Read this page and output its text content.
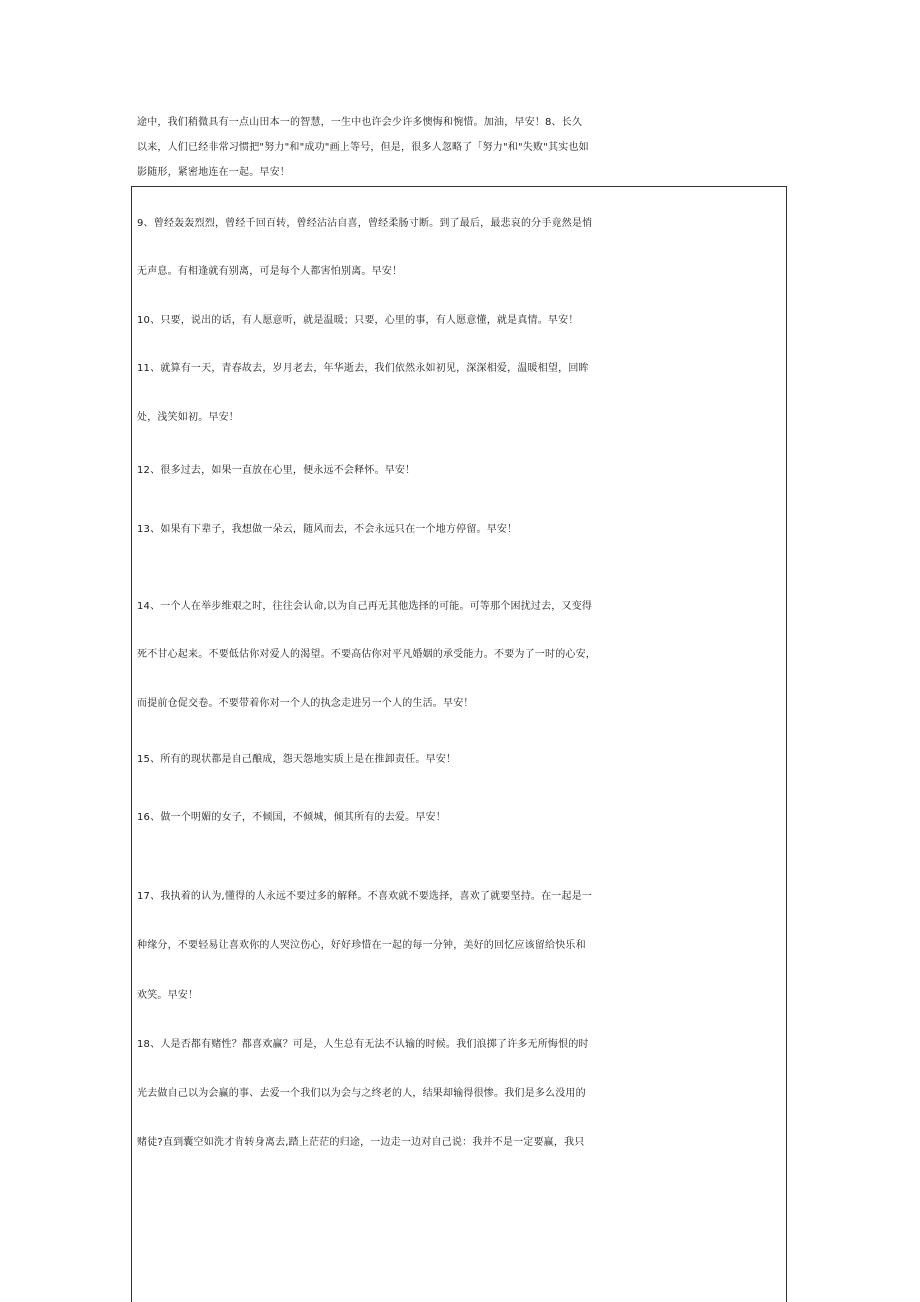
途中，我们稍微具有一点山田本一的智慧，一生中也许会少许多懊悔和惋惜。加油，早安！8、长久
以来，人们已经非常习惯把"努力"和"成功"画上等号，但是，很多人忽略了「努力"和"失败"其实也如
影随形，紧密地连在一起。早安！
9、曾经轰轰烈烈，曾经千回百转，曾经沾沾自喜，曾经柔肠寸断。到了最后，最悲哀的分手竟然是悄
无声息。有相逢就有别离，可是每个人都害怕别离。早安！
10、只要，说出的话，有人愿意听，就是温暖；只要，心里的事，有人愿意懂，就是真情。早安！
11、就算有一天，青春故去，岁月老去，年华逝去，我们依然永如初见，深深相爱，温暖相望，回眸
处，浅笑如初。早安！
12、很多过去，如果一直放在心里，便永远不会释怀。早安！
13、如果有下辈子，我想做一朵云，随风而去，不会永远只在一个地方停留。早安！
14、一个人在举步维艰之时，往往会认命,以为自己再无其他选择的可能。可等那个困扰过去，又变得
死不甘心起来。不要低估你对爱人的渴望。不要高估你对平凡婚姻的承受能力。不要为了一时的心安，
而提前仓促交卷。不要带着你对一个人的执念走进另一个人的生活。早安！
15、所有的现状都是自己酿成，怨天怨地实质上是在推卸责任。早安！
16、做一个明媚的女子，不倾国，不倾城，倾其所有的去爱。早安！
17、我执着的认为,懂得的人永远不要过多的解释。不喜欢就不要选择，喜欢了就要坚持。在一起是一
种缘分，不要轻易让喜欢你的人哭泣伤心，好好珍惜在一起的每一分钟，美好的回忆应该留给快乐和
欢笑。早安！
18、人是否都有赌性？都喜欢赢？可是，人生总有无法不认输的时候。我们浪掷了许多无所悔恨的时
光去做自己以为会赢的事、去爱一个我们以为会与之终老的人，结果却输得很惨。我们是多么没用的
赌徒?直到囊空如洗才肯转身离去,踏上茫茫的归途，一边走一边对自己说：我并不是一定要赢，我只
